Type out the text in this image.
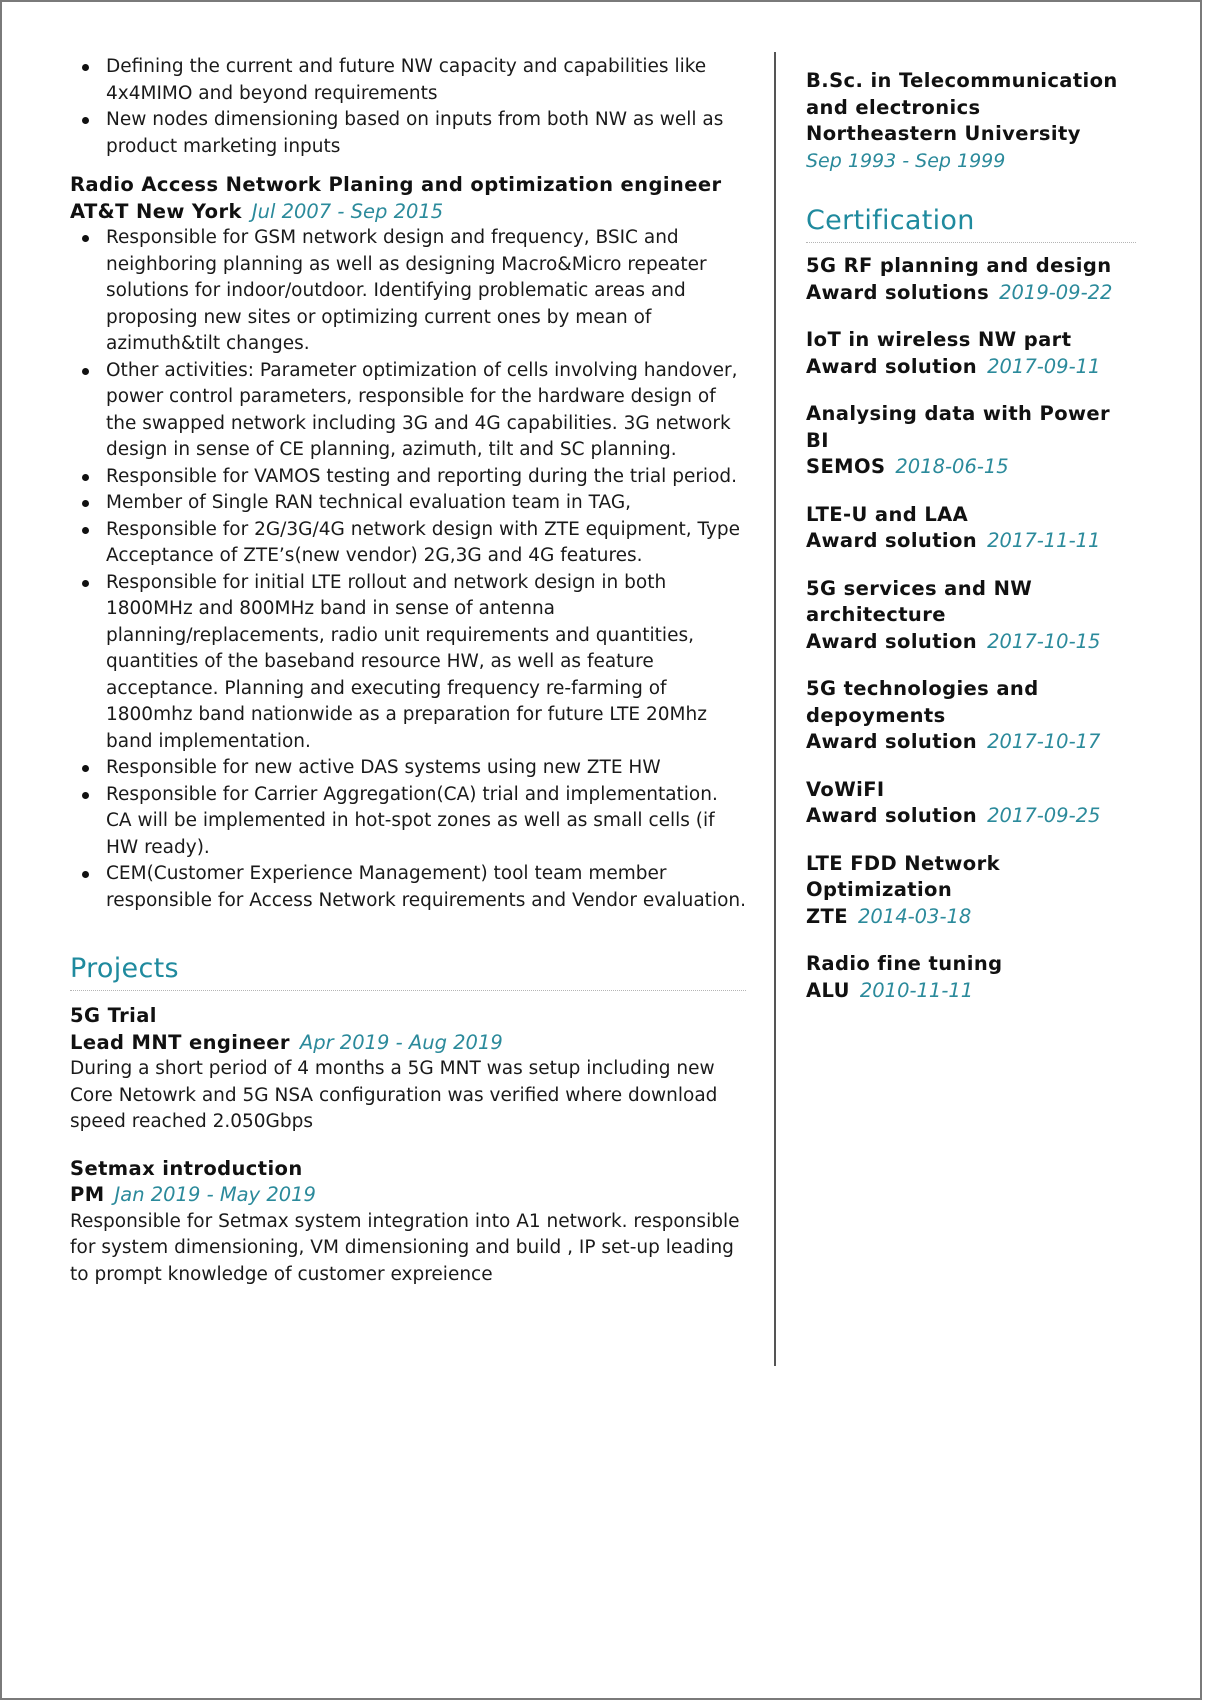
Defining the current and future NW capacity and capabilities like 4x4MIMO and beyond requirements
New nodes dimensioning based on inputs from both NW as well as product marketing inputs
Radio Access Network Planing and optimization engineer
AT&T New York Jul 2007 - Sep 2015
Responsible for GSM network design and frequency, BSIC and neighboring planning as well as designing Macro&Micro repeater solutions for indoor/outdoor. Identifying problematic areas and proposing new sites or optimizing current ones by mean of azimuth&tilt changes.
Other activities: Parameter optimization of cells involving handover, power control parameters, responsible for the hardware design of the swapped network including 3G and 4G capabilities. 3G network design in sense of CE planning, azimuth, tilt and SC planning.
Responsible for VAMOS testing and reporting during the trial period.
Member of Single RAN technical evaluation team in TAG,
Responsible for 2G/3G/4G network design with ZTE equipment, Type Acceptance of ZTE’s(new vendor) 2G,3G and 4G features.
Responsible for initial LTE rollout and network design in both 1800MHz and 800MHz band in sense of antenna planning/replacements, radio unit requirements and quantities, quantities of the baseband resource HW, as well as feature acceptance. Planning and executing frequency re-farming of 1800mhz band nationwide as a preparation for future LTE 20Mhz band implementation.
Responsible for new active DAS systems using new ZTE HW
Responsible for Carrier Aggregation(CA) trial and implementation. CA will be implemented in hot-spot zones as well as small cells (if HW ready).
CEM(Customer Experience Management) tool team member responsible for Access Network requirements and Vendor evaluation.
Projects
5G Trial
Lead MNT engineer Apr 2019 - Aug 2019
During a short period of 4 months a 5G MNT was setup including new Core Netowrk and 5G NSA configuration was verified where download speed reached 2.050Gbps
Setmax introduction
PM Jan 2019 - May 2019
Responsible for Setmax system integration into A1 network. responsible for system dimensioning, VM dimensioning and build , IP set-up leading to prompt knowledge of customer expreience
B.Sc. in Telecommunication
and electronics
Northeastern University
Sep 1993 - Sep 1999
Certification
5G RF planning and design
Award solutions 2019-09-22
IoT in wireless NW part
Award solution 2017-09-11
Analysing data with Power BI
SEMOS 2018-06-15
LTE-U and LAA
Award solution 2017-11-11
5G services and NW architecture
Award solution 2017-10-15
5G technologies and depoyments
Award solution 2017-10-17
VoWiFI
Award solution 2017-09-25
LTE FDD Network Optimization
ZTE 2014-03-18
Radio fine tuning
ALU 2010-11-11
